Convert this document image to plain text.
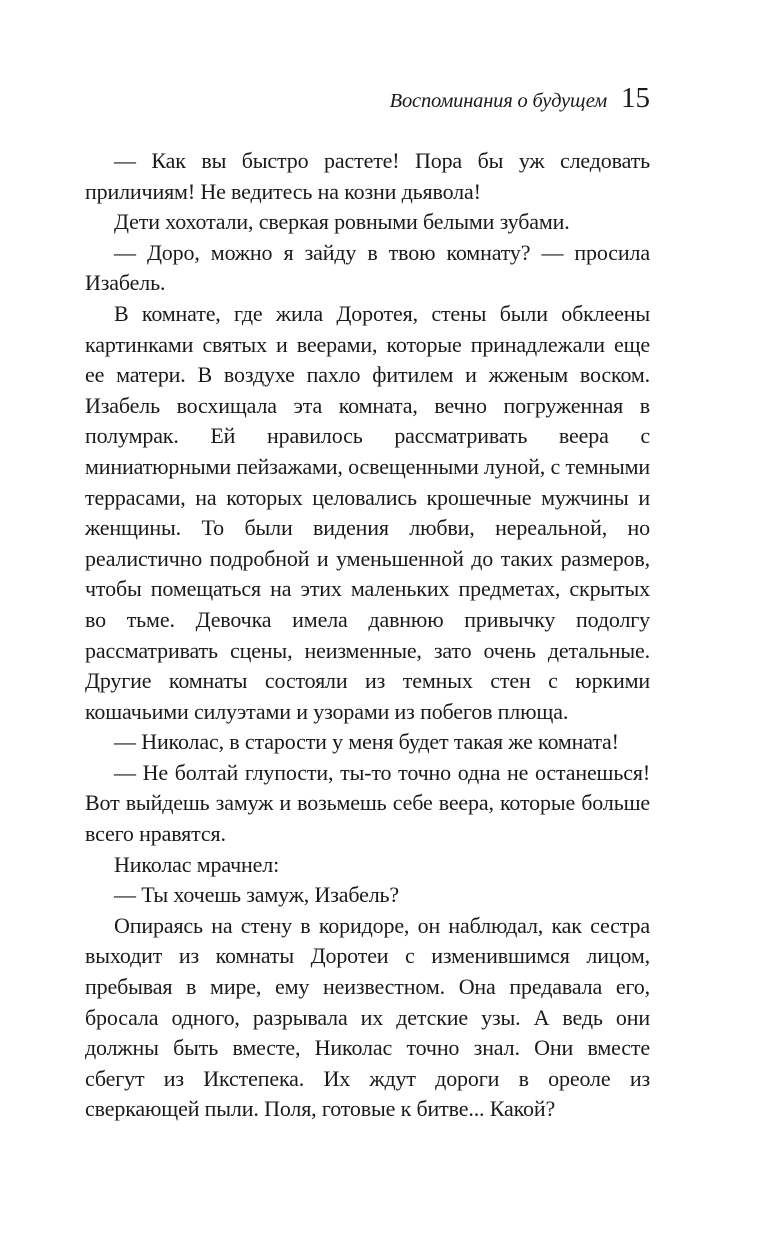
Воспоминания о будущем 15

— Как вы быстро растете! Пора бы уж следовать приличиям! Не ведитесь на козни дьявола!

Дети хохотали, сверкая ровными белыми зубами.

— Доро, можно я зайду в твою комнату? — просила Изабель.

В комнате, где жила Доротея, стены были обклеены картинками святых и веерами, которые принадлежали еще ее матери. В воздухе пахло фитилем и жженым воском. Изабель восхищала эта комната, вечно погруженная в полумрак. Ей нравилось рассматривать веера с миниатюрными пейзажами, освещенными луной, с темными террасами, на которых целовались крошечные мужчины и женщины. То были видения любви, нереальной, но реалистично подробной и уменьшенной до таких размеров, чтобы помещаться на этих маленьких предметах, скрытых во тьме. Девочка имела давнюю привычку подолгу рассматривать сцены, неизменные, зато очень детальные. Другие комнаты состояли из темных стен с юркими кошачьими силуэтами и узорами из побегов плюща.

— Николас, в старости у меня будет такая же комната!

— Не болтай глупости, ты-то точно одна не останешься! Вот выйдешь замуж и возьмешь себе веера, которые больше всего нравятся.

Николас мрачнел:

— Ты хочешь замуж, Изабель?

Опираясь на стену в коридоре, он наблюдал, как сестра выходит из комнаты Доротеи с изменившимся лицом, пребывая в мире, ему неизвестном. Она предавала его, бросала одного, разрывала их детские узы. А ведь они должны быть вместе, Николас точно знал. Они вместе сбегут из Икстепека. Их ждут дороги в ореоле из сверкающей пыли. Поля, готовые к битве... Какой?
